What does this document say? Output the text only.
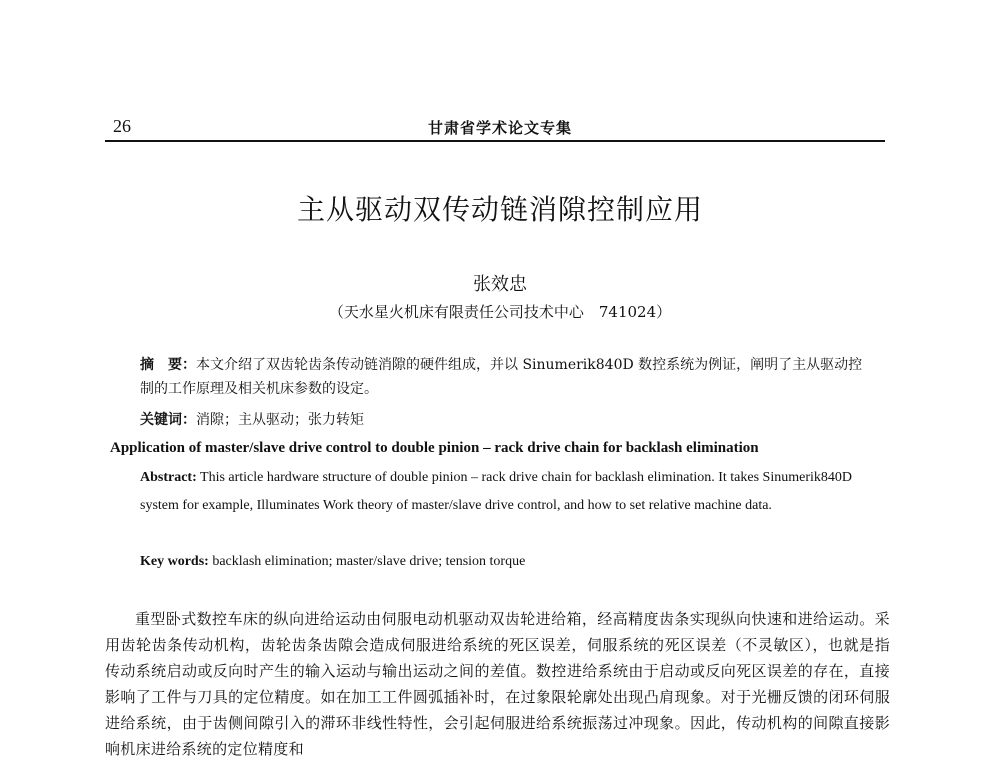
26	甘肃省学术论文专集
主从驱动双传动链消隙控制应用
张效忠
（天水星火机床有限责任公司技术中心　741024）
摘　要：本文介绍了双齿轮齿条传动链消隙的硬件组成，并以 Sinumerik840D 数控系统为例证，阐明了主从驱动控制的工作原理及相关机床参数的设定。
关键词：消隙；主从驱动；张力转矩
Application of master/slave drive control to double pinion – rack drive chain for backlash elimination
Abstract: This article hardware structure of double pinion – rack drive chain for backlash elimination. It takes Sinumerik840D system for example, Illuminates Work theory of master/slave drive control, and how to set relative machine data.
Key words: backlash elimination; master/slave drive; tension torque
重型卧式数控车床的纵向进给运动由伺服电动机驱动双齿轮进给箱，经高精度齿条实现纵向快速和进给运动。采用齿轮齿条传动机构，齿轮齿条齿隙会造成伺服进给系统的死区误差，伺服系统的死区误差（不灵敏区），也就是指传动系统启动或反向时产生的输入运动与输出运动之间的差值。数控进给系统由于启动或反向死区误差的存在，直接影响了工件与刀具的定位精度。如在加工工件圆弧插补时，在过象限轮廓处出现凸肩现象。对于光栅反馈的闭环伺服进给系统，由于齿侧间隙引入的滞环非线性特性，会引起伺服进给系统振荡过冲现象。因此，传动机构的间隙直接影响机床进给系统的定位精度和
